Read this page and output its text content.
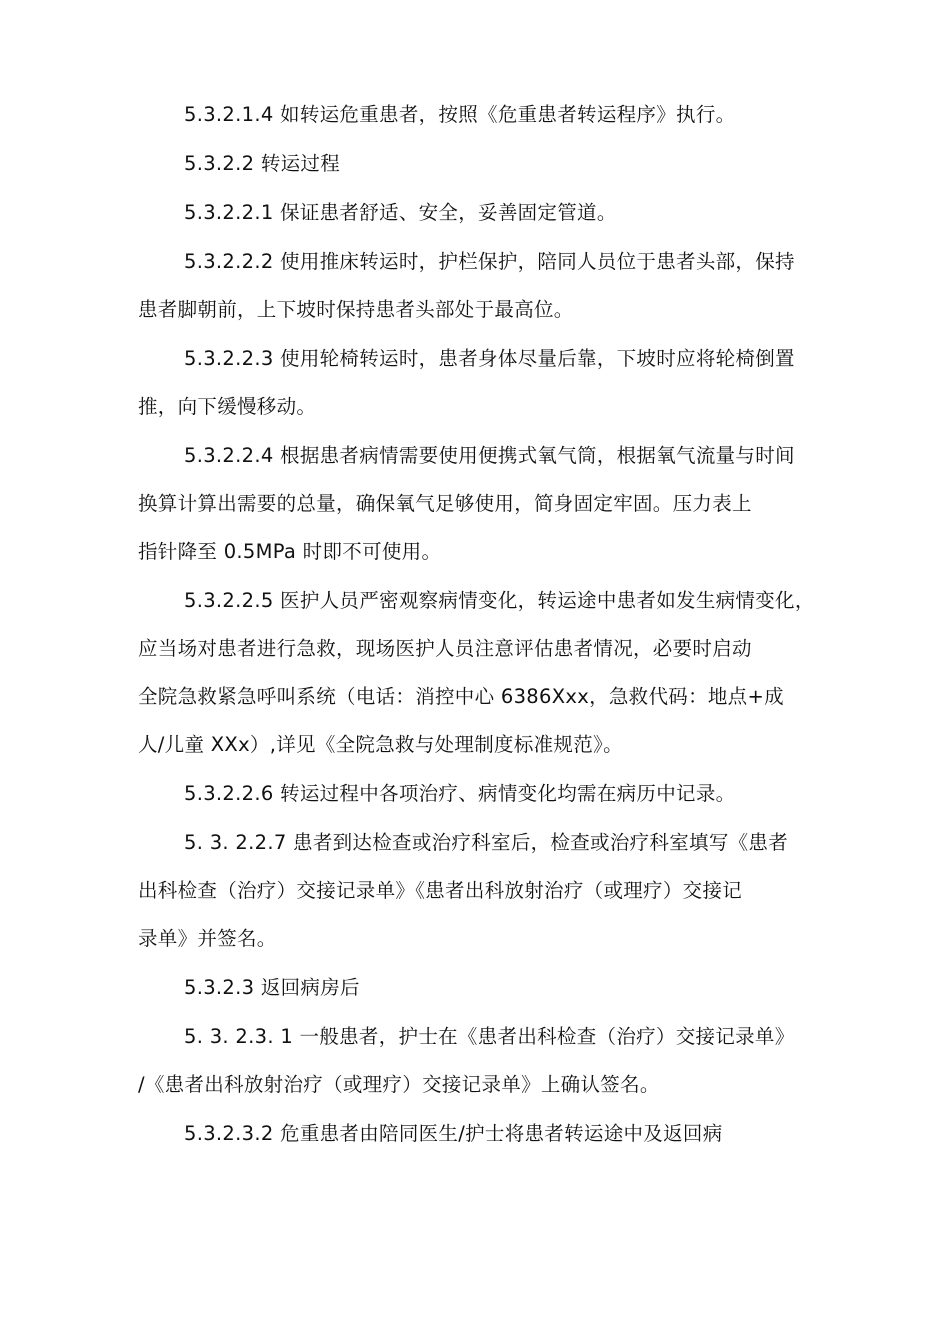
5.3.2.1.4 如转运危重患者，按照《危重患者转运程序》执行。
5.3.2.2 转运过程
5.3.2.2.1 保证患者舒适、安全，妥善固定管道。
5.3.2.2.2 使用推床转运时，护栏保护，陪同人员位于患者头部，保持
患者脚朝前，上下坡时保持患者头部处于最高位。
5.3.2.2.3 使用轮椅转运时，患者身体尽量后靠，下坡时应将轮椅倒置
推，向下缓慢移动。
5.3.2.2.4 根据患者病情需要使用便携式氧气筒，根据氧气流量与时间
换算计算出需要的总量，确保氧气足够使用，简身固定牢固。压力表上
指针降至 0.5MPa 时即不可使用。
5.3.2.2.5 医护人员严密观察病情变化，转运途中患者如发生病情变化，
应当场对患者进行急救，现场医护人员注意评估患者情况，必要时启动
全院急救紧急呼叫系统（电话：消控中心 6386Xxx，急救代码：地点+成
人/儿童 XXx）,详见《全院急救与处理制度标准规范》。
5.3.2.2.6 转运过程中各项治疗、病情变化均需在病历中记录。
5. 3. 2.2.7 患者到达检查或治疗科室后，检查或治疗科室填写《患者
出科检查（治疗）交接记录单》《患者出科放射治疗（或理疗）交接记
录单》并签名。
5.3.2.3 返回病房后
5. 3. 2.3. 1 一般患者，护士在《患者出科检查（治疗）交接记录单》
/《患者出科放射治疗（或理疗）交接记录单》上确认签名。
5.3.2.3.2 危重患者由陪同医生/护士将患者转运途中及返回病
